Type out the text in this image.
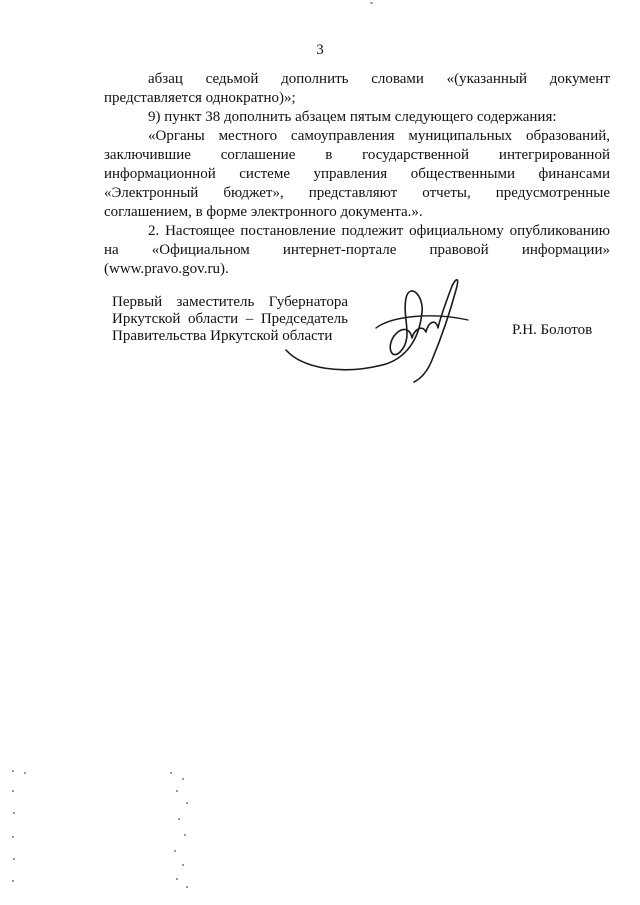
3

абзац седьмой дополнить словами «(указанный документ

представляется однократно)»;

9) пункт 38 дополнить абзацем пятым следующего содержания:

«Органы местного самоуправления муниципальных образований, заключившие соглашение в государственной интегрированной информационной системе управления общественными финансами «Электронный бюджет», представляют отчеты, предусмотренные соглашением, в форме электронного документа.».

2. Настоящее постановление подлежит официальному опубликованию на «Официальном интернет-портале правовой информации» (www.pravo.gov.ru).

Первый заместитель Губернатора
Иркутской области – Председатель
Правительства Иркутской области	Р.Н. Болотов
